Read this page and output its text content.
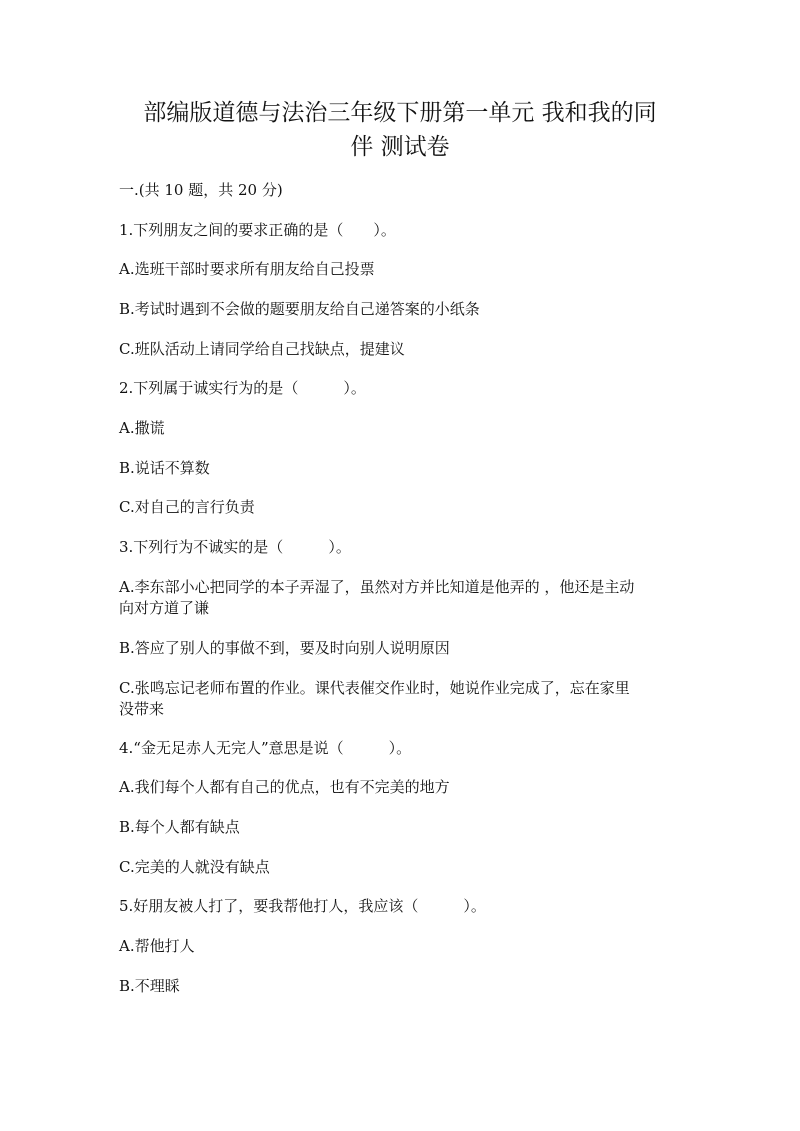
部编版道德与法治三年级下册第一单元 我和我的同
伴 测试卷
一.(共 10 题，共 20 分)
1.下列朋友之间的要求正确的是（　　）。
A.选班干部时要求所有朋友给自己投票
B.考试时遇到不会做的题要朋友给自己递答案的小纸条
C.班队活动上请同学给自己找缺点，提建议
2.下列属于诚实行为的是（　　　）。
A.撒谎
B.说话不算数
C.对自己的言行负责
3.下列行为不诚实的是（　　　）。
A.李东部小心把同学的本子弄湿了，虽然对方并比知道是他弄的 ，他还是主动
向对方道了谦
B.答应了别人的事做不到，要及时向别人说明原因
C.张鸣忘记老师布置的作业。课代表催交作业时，她说作业完成了，忘在家里
没带来
4.“金无足赤人无完人”意思是说（　　　）。
A.我们每个人都有自己的优点，也有不完美的地方
B.每个人都有缺点
C.完美的人就没有缺点
5.好朋友被人打了，要我帮他打人，我应该（　　　）。
A.帮他打人
B.不理睬
